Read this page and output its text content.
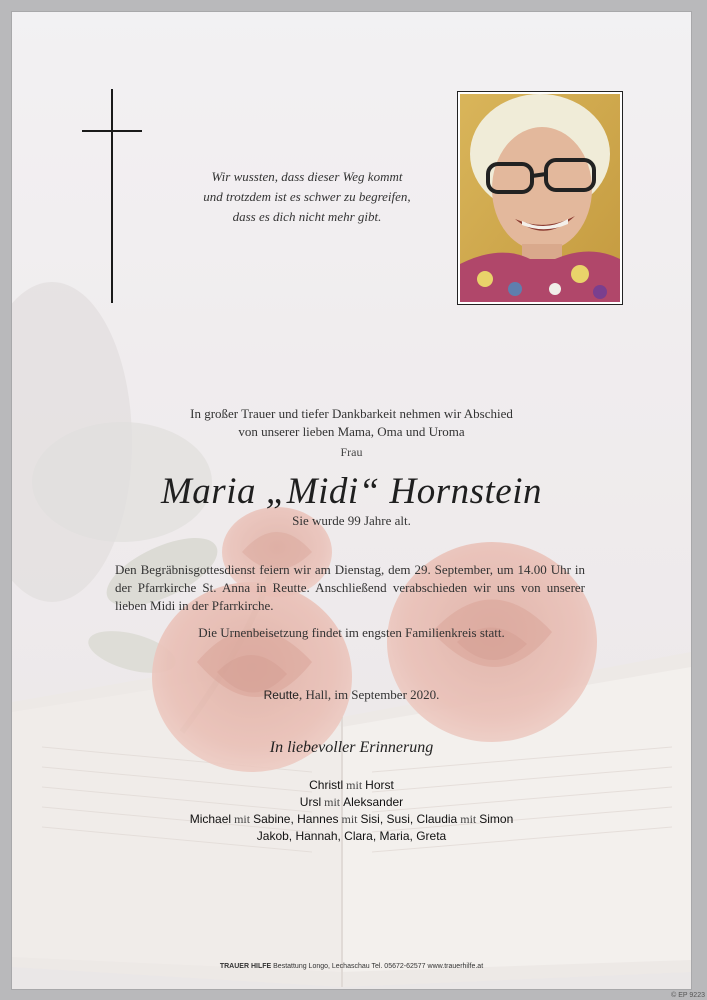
Wir wussten, dass dieser Weg kommt
und trotzdem ist es schwer zu begreifen,
dass es dich nicht mehr gibt.
In großer Trauer und tiefer Dankbarkeit nehmen wir Abschied
von unserer lieben Mama, Oma und Uroma
Frau
Maria „Midi“ Hornstein
Sie wurde 99 Jahre alt.
Den Begräbnisgottesdienst feiern wir am Dienstag, dem 29. September, um 14.00 Uhr in der Pfarrkirche St. Anna in Reutte. Anschließend verabschieden wir uns von unserer lieben Midi in der Pfarrkirche.
Die Urnenbeisetzung findet im engsten Familienkreis statt.
Reutte, Hall, im September 2020.
In liebevoller Erinnerung
Christl mit Horst
Ursl mit Aleksander
Michael mit Sabine, Hannes mit Sisi, Susi, Claudia mit Simon
Jakob, Hannah, Clara, Maria, Greta
TRAUER HILFE Bestattung Longo, Lechaschau Tel. 05672-62577 www.trauerhilfe.at
© EP 9223
